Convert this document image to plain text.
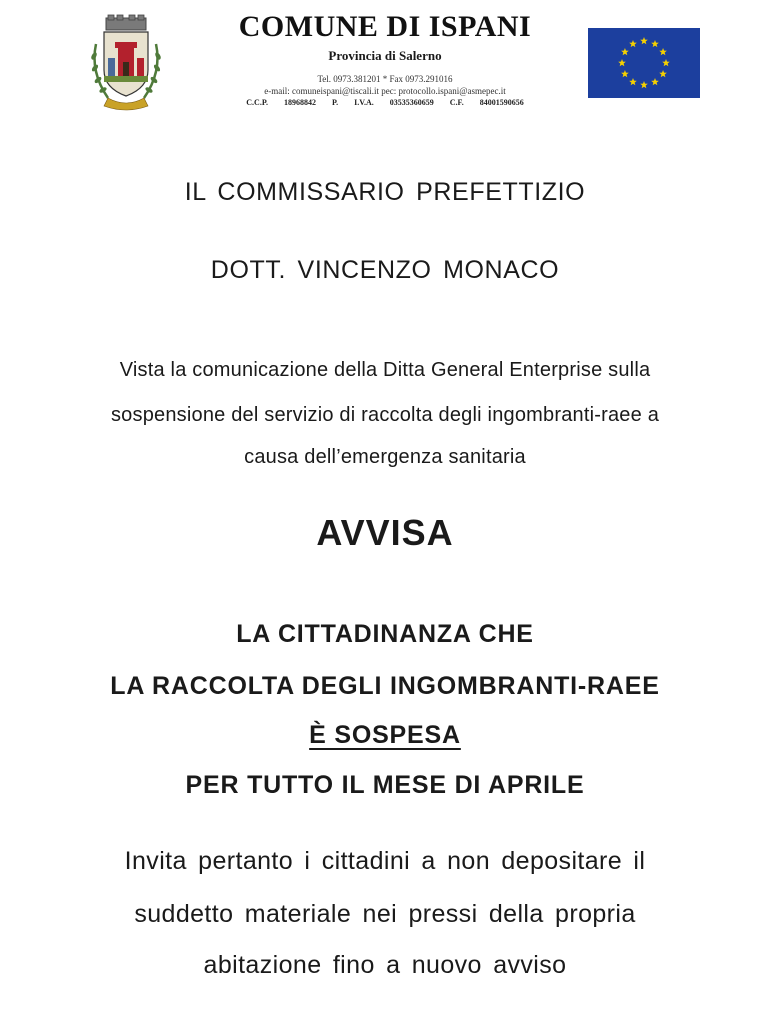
COMUNE DI ISPANI
Provincia di Salerno
Tel. 0973.381201 * Fax 0973.291016
e-mail: comuneispani@tiscali.it pec: protocollo.ispani@asmepec.it
C.C.P. 18968842 P. I.V.A. 03535360659 C.F. 84001590656
IL COMMISSARIO PREFETTIZIO
DOTT. VINCENZO MONACO
Vista la comunicazione della Ditta General Enterprise sulla
sospensione del servizio di raccolta degli ingombranti-raee a
causa dell’emergenza sanitaria
AVVISA
LA CITTADINANZA CHE
LA RACCOLTA DEGLI INGOMBRANTI-RAEE
È SOSPESA
PER TUTTO IL MESE DI APRILE
Invita pertanto i cittadini a non depositare il
suddetto materiale nei pressi della propria
abitazione fino a nuovo avviso
